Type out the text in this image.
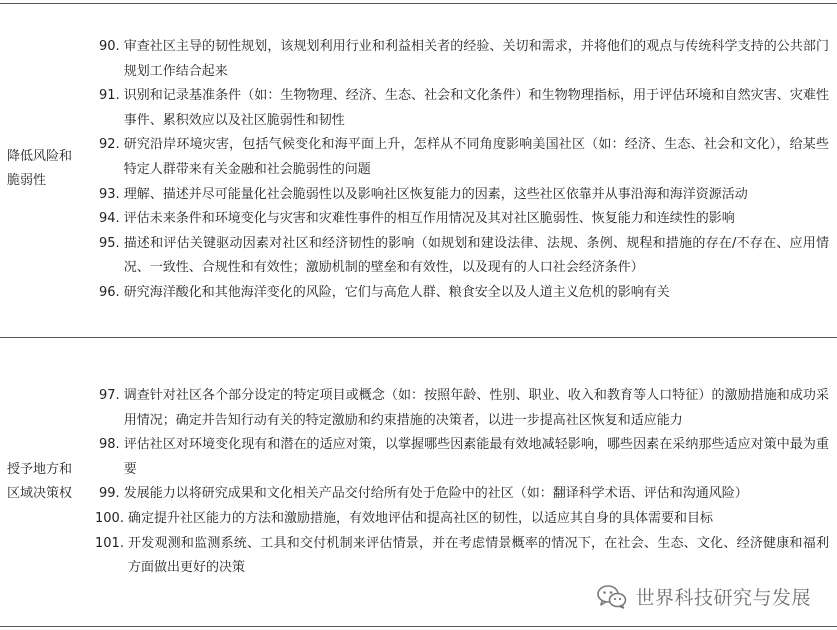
降低风险和
脆弱性
90. 审查社区主导的韧性规划，该规划利用行业和利益相关者的经验、关切和需求，并将他们的观点与传统科学支持的公共部门规划工作结合起来
91. 识别和记录基准条件（如：生物物理、经济、生态、社会和文化条件）和生物物理指标，用于评估环境和自然灾害、灾难性事件、累积效应以及社区脆弱性和韧性
92. 研究沿岸环境灾害，包括气候变化和海平面上升，怎样从不同角度影响美国社区（如：经济、生态、社会和文化），给某些特定人群带来有关金融和社会脆弱性的问题
93. 理解、描述并尽可能量化社会脆弱性以及影响社区恢复能力的因素，这些社区依靠并从事沿海和海洋资源活动
94. 评估未来条件和环境变化与灾害和灾难性事件的相互作用情况及其对社区脆弱性、恢复能力和连续性的影响
95. 描述和评估关键驱动因素对社区和经济韧性的影响（如规划和建设法律、法规、条例、规程和措施的存在/不存在、应用情况、一致性、合规性和有效性；激励机制的壁垒和有效性，以及现有的人口社会经济条件）
96. 研究海洋酸化和其他海洋变化的风险，它们与高危人群、粮食安全以及人道主义危机的影响有关
授予地方和
区域决策权
97. 调查针对社区各个部分设定的特定项目或概念（如：按照年龄、性别、职业、收入和教育等人口特征）的激励措施和成功采用情况；确定并告知行动有关的特定激励和约束措施的决策者，以进一步提高社区恢复和适应能力
98. 评估社区对环境变化现有和潜在的适应对策，以掌握哪些因素能最有效地减轻影响，哪些因素在采纳那些适应对策中最为重要
99. 发展能力以将研究成果和文化相关产品交付给所有处于危险中的社区（如：翻译科学术语、评估和沟通风险）
100. 确定提升社区能力的方法和激励措施，有效地评估和提高社区的韧性，以适应其自身的具体需要和目标
101. 开发观测和监测系统、工具和交付机制来评估情景，并在考虑情景概率的情况下，在社会、生态、文化、经济健康和福利方面做出更好的决策
世界科技研究与发展
